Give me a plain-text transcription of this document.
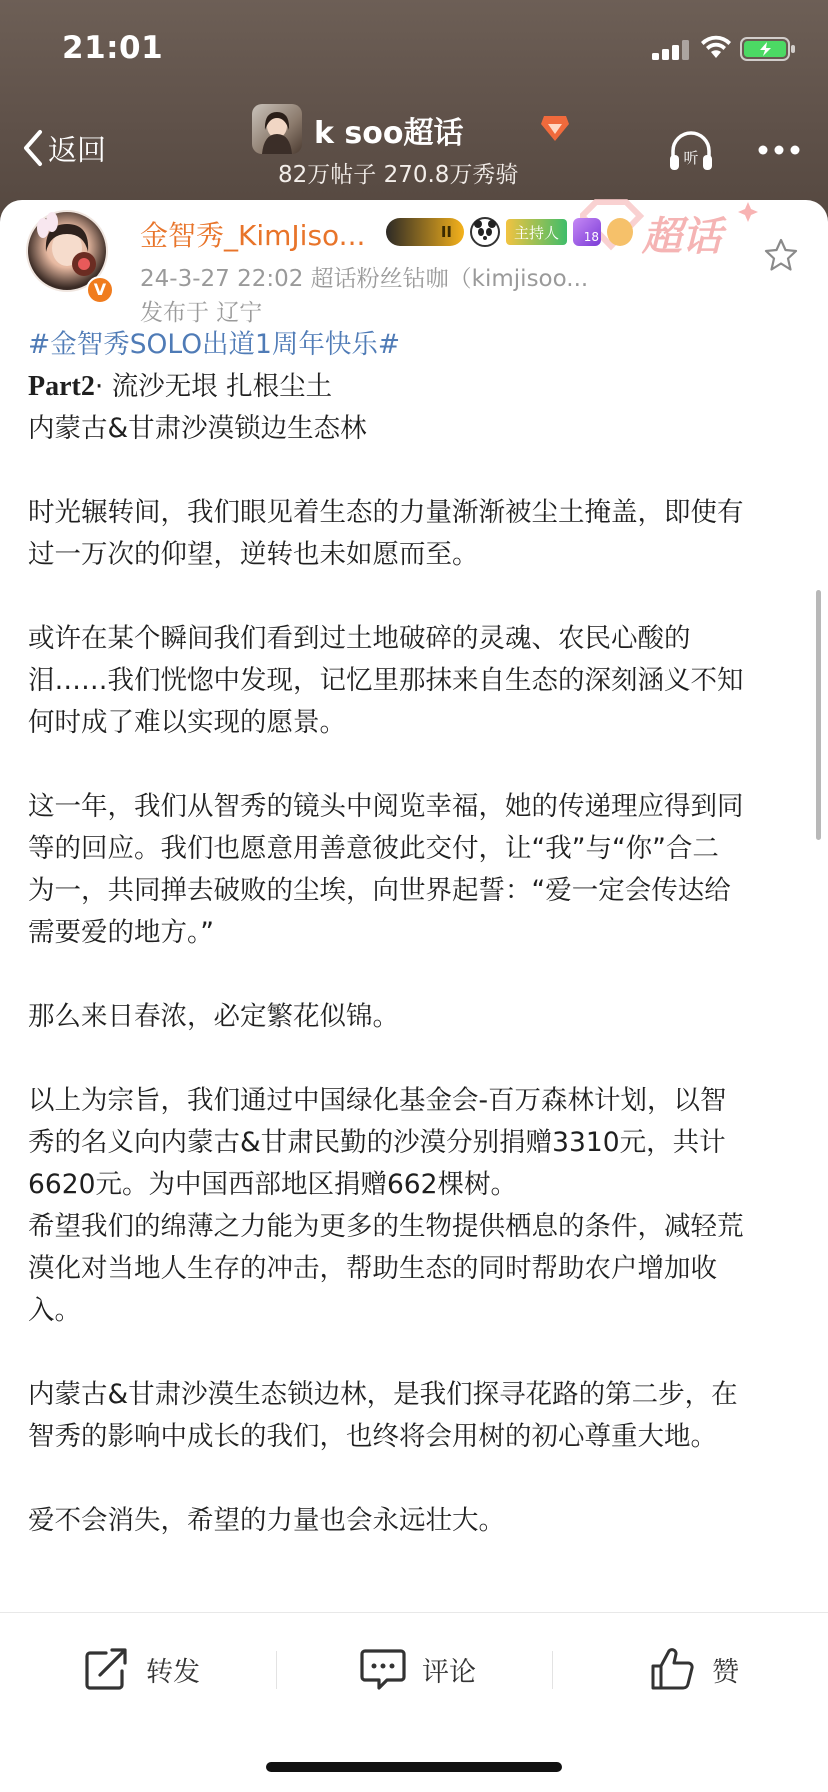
21:01
返回	k soo超话
82万帖子 270.8万秀骑
听
超话
V
金智秀_KimJiso...	II	主持人	18
24-3-27 22:02 超话粉丝钻咖（kimjisoo...
发布于 辽宁
#金智秀SOLO出道1周年快乐#
Part2· 流沙无垠 扎根尘土
内蒙古&甘肃沙漠锁边生态林
时光辗转间，我们眼见着生态的力量渐渐被尘土掩盖，即使有
过一万次的仰望，逆转也未如愿而至。
或许在某个瞬间我们看到过土地破碎的灵魂、农民心酸的
泪……我们恍惚中发现，记忆里那抹来自生态的深刻涵义不知
何时成了难以实现的愿景。
这一年，我们从智秀的镜头中阅览幸福，她的传递理应得到同
等的回应。我们也愿意用善意彼此交付，让“我”与“你”合二
为一，共同掸去破败的尘埃，向世界起誓：“爱一定会传达给
需要爱的地方。”
那么来日春浓，必定繁花似锦。
以上为宗旨，我们通过中国绿化基金会-百万森林计划，以智
秀的名义向内蒙古&甘肃民勤的沙漠分别捐赠3310元，共计
6620元。为中国西部地区捐赠662棵树。
希望我们的绵薄之力能为更多的生物提供栖息的条件，减轻荒
漠化对当地人生存的冲击，帮助生态的同时帮助农户增加收
入。
内蒙古&甘肃沙漠生态锁边林，是我们探寻花路的第二步，在
智秀的影响中成长的我们，也终将会用树的初心尊重大地。
爱不会消失，希望的力量也会永远壮大。
转发	评论	赞
